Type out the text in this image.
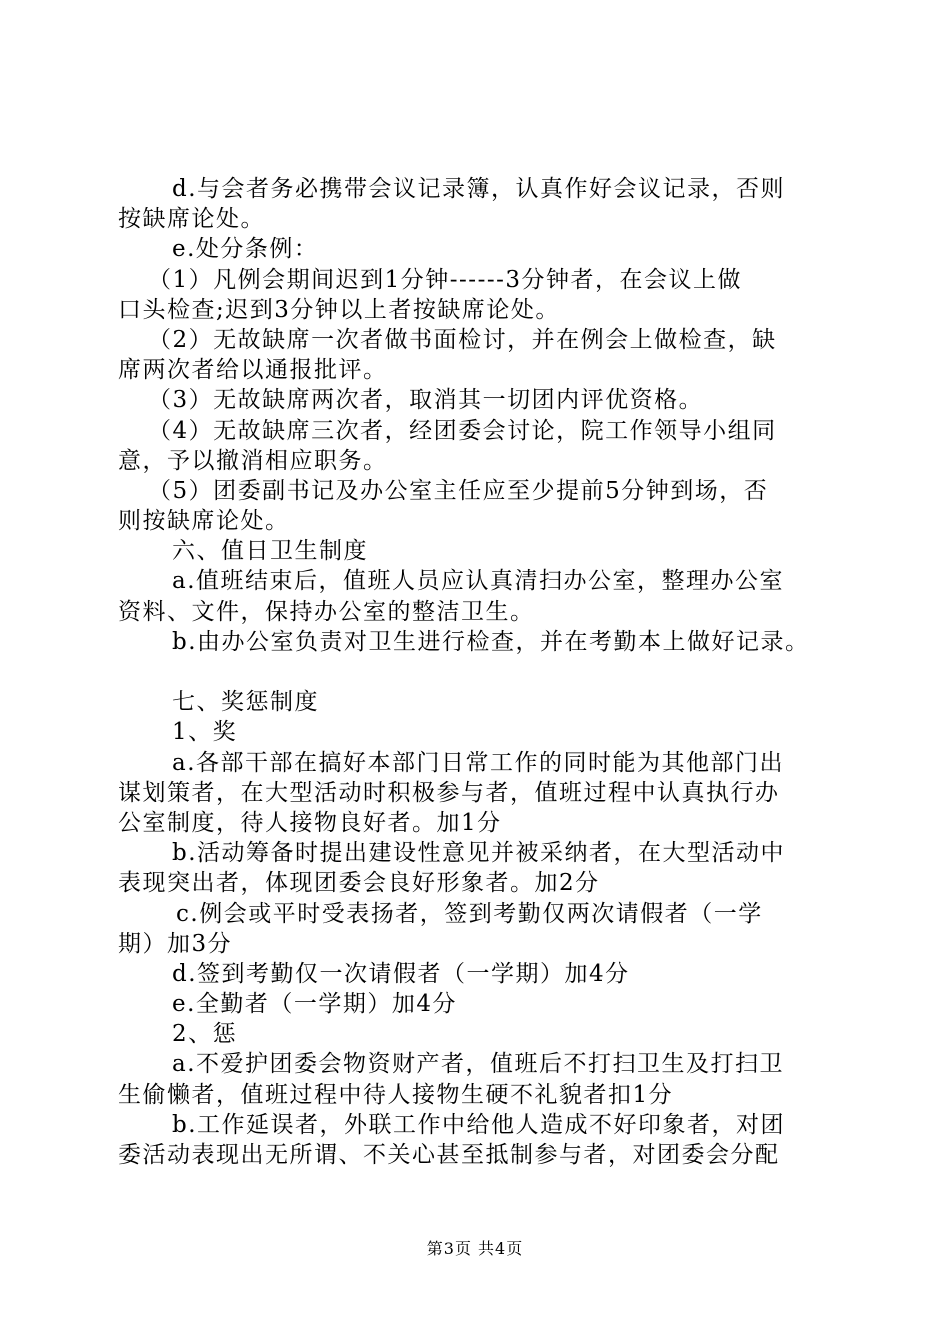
d.与会者务必携带会议记录簿，认真作好会议记录，否则
按缺席论处。
e.处分条例：
（1）凡例会期间迟到1分钟------3分钟者，在会议上做
口头检查;迟到3分钟以上者按缺席论处。
（2）无故缺席一次者做书面检讨，并在例会上做检查，缺
席两次者给以通报批评。
（3）无故缺席两次者，取消其一切团内评优资格。
（4）无故缺席三次者，经团委会讨论，院工作领导小组同
意，予以撤消相应职务。
（5）团委副书记及办公室主任应至少提前5分钟到场，否
则按缺席论处。
六、值日卫生制度
a.值班结束后，值班人员应认真清扫办公室，整理办公室
资料、文件，保持办公室的整洁卫生。
b.由办公室负责对卫生进行检查，并在考勤本上做好记录。
七、奖惩制度
1、奖
a.各部干部在搞好本部门日常工作的同时能为其他部门出
谋划策者，在大型活动时积极参与者，值班过程中认真执行办
公室制度，待人接物良好者。加1分
b.活动筹备时提出建设性意见并被采纳者，在大型活动中
表现突出者，体现团委会良好形象者。加2分
c.例会或平时受表扬者，签到考勤仅两次请假者（一学
期）加3分
d.签到考勤仅一次请假者（一学期）加4分
e.全勤者（一学期）加4分
2、惩
a.不爱护团委会物资财产者，值班后不打扫卫生及打扫卫
生偷懒者，值班过程中待人接物生硬不礼貌者扣1分
b.工作延误者，外联工作中给他人造成不好印象者，对团
委活动表现出无所谓、不关心甚至抵制参与者，对团委会分配
第3页 共4页
